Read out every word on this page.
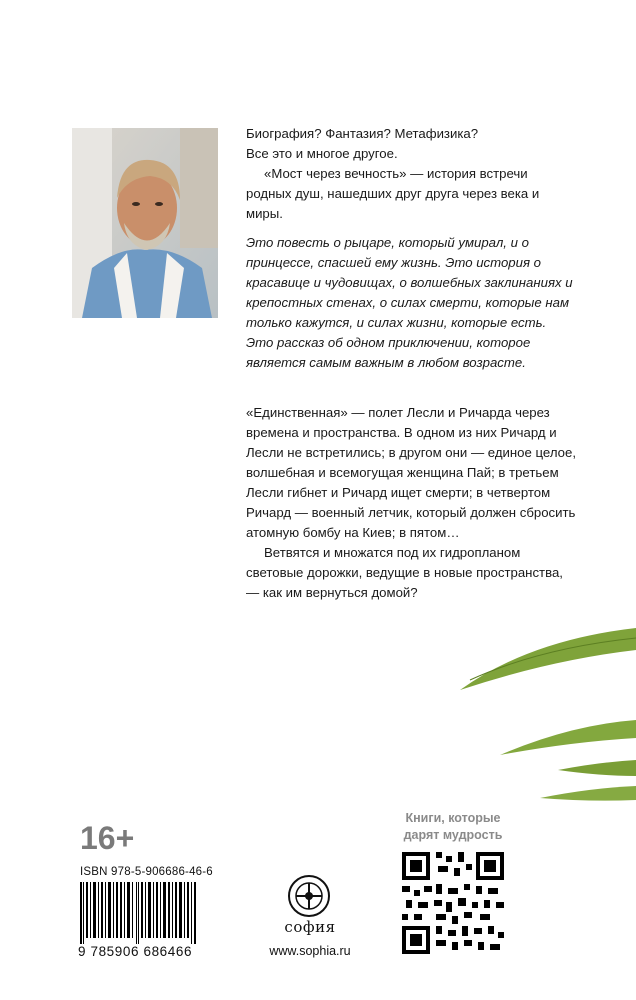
Биография? Фантазия? Метафизика?

Все это и многое другое.

«Мост через вечность» — история встречи родных душ, нашедших друг друга через века и миры.

Это повесть о рыцаре, который умирал, и о принцессе, спасшей ему жизнь. Это история о красавице и чудовищах, о волшебных заклинаниях и крепостных стенах, о силах смерти, которые нам только кажутся, и силах жизни, которые есть. Это рассказ об одном приключении, которое является самым важным в любом возрасте.

«Единственная» — полет Лесли и Ричарда через времена и пространства. В одном из них Ричард и Лесли не встретились; в другом они — единое целое, волшебная и всемогущая женщина Пай; в третьем Лесли гибнет и Ричард ищет смерти; в четвертом Ричард — военный летчик, который должен сбросить атомную бомбу на Киев; в пятом…

Ветвятся и множатся под их гидропланом световые дорожки, ведущие в новые пространства, — как им вернуться домой?

16+
ISBN 978-5-906686-46-6
9 785906 686466
софия
www.sophia.ru
Книги, которые дарят мудрость
